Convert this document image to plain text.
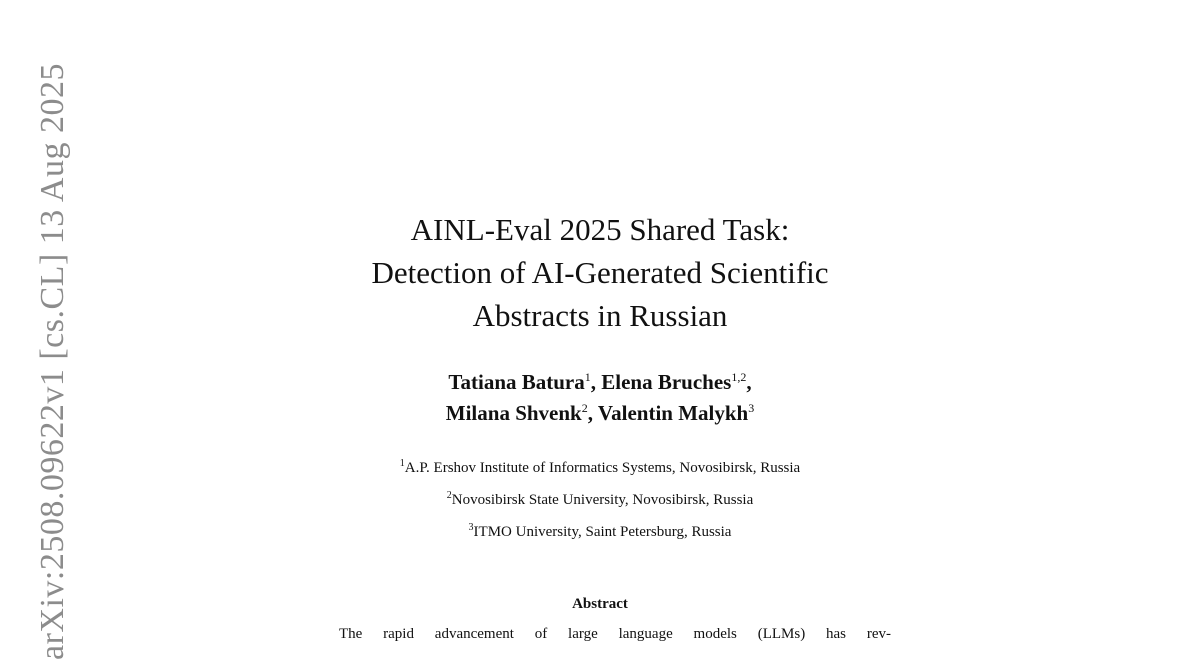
arXiv:2508.09622v1 [cs.CL] 13 Aug 2025	AINL-Eval 2025 Shared Task:

Detection of AI-Generated Scientific

Abstracts in Russian

Tatiana Batura$^1$, Elena Bruches$^{1,2}$,
Milana Shvenk$^2$, Valentin Malykh$^3$
$^1$A.P. Ershov Institute of Informatics Systems, Novosibirsk, Russia
$^2$Novosibirsk State University, Novosibirsk, Russia
$^3$ITMO University, Saint Petersburg, Russia
Abstract
The rapid advancement of large language models (LLMs) has rev-
